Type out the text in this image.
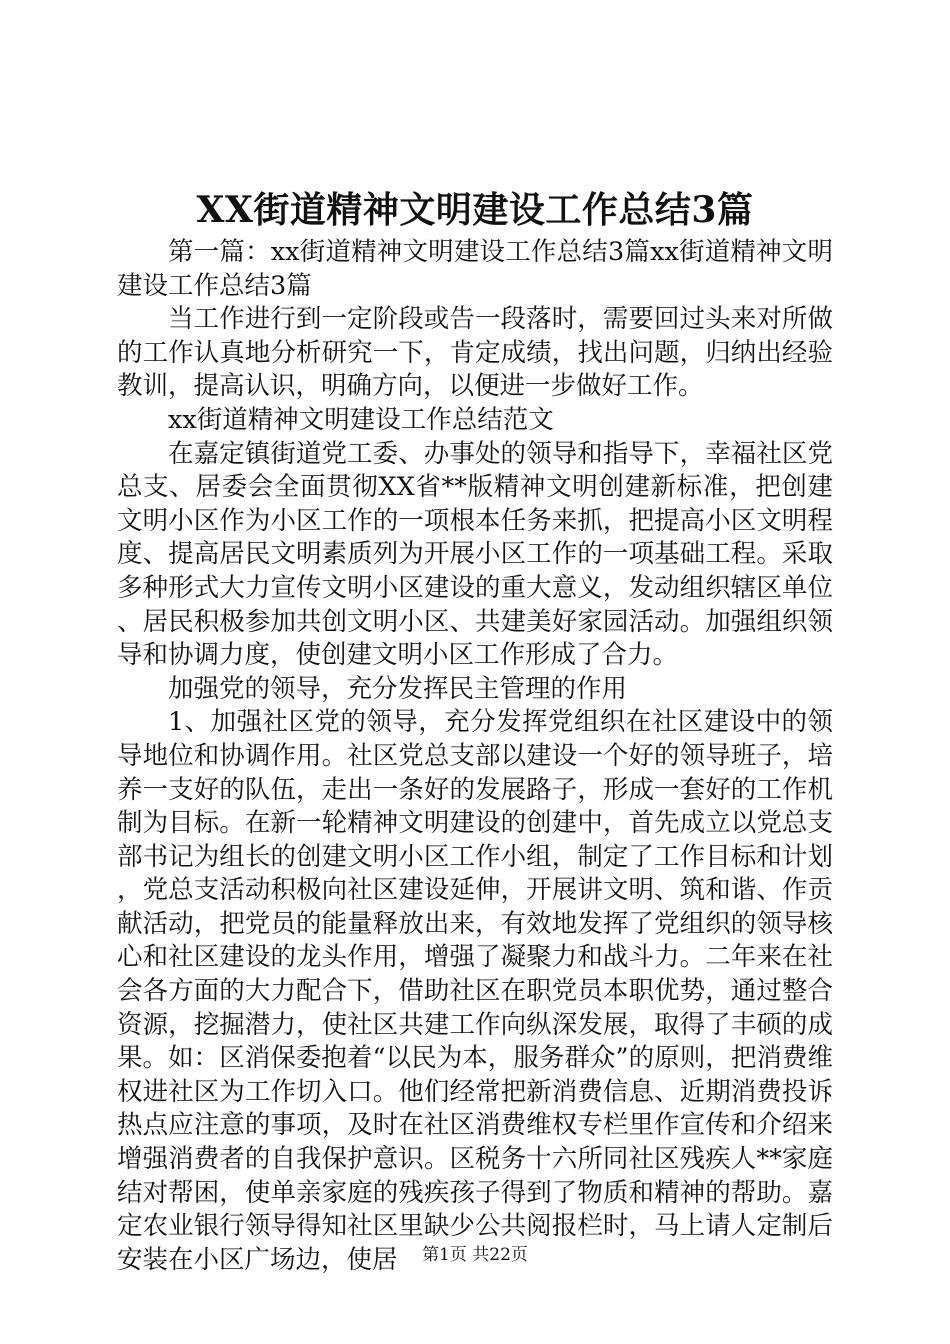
XX街道精神文明建设工作总结3篇

第一篇：xx街道精神文明建设工作总结3篇xx街道精神文明建设工作总结3篇

当工作进行到一定阶段或告一段落时，需要回过头来对所做的工作认真地分析研究一下，肯定成绩，找出问题，归纳出经验教训，提高认识，明确方向，以便进一步做好工作。

xx街道精神文明建设工作总结范文

在嘉定镇街道党工委、办事处的领导和指导下，幸福社区党总支、居委会全面贯彻XX省**版精神文明创建新标准，把创建文明小区作为小区工作的一项根本任务来抓，把提高小区文明程度、提高居民文明素质列为开展小区工作的一项基础工程。采取多种形式大力宣传文明小区建设的重大意义，发动组织辖区单位、居民积极参加共创文明小区、共建美好家园活动。加强组织领导和协调力度，使创建文明小区工作形成了合力。

加强党的领导，充分发挥民主管理的作用

1、加强社区党的领导，充分发挥党组织在社区建设中的领导地位和协调作用。社区党总支部以建设一个好的领导班子，培养一支好的队伍，走出一条好的发展路子，形成一套好的工作机制为目标。在新一轮精神文明建设的创建中，首先成立以党总支部书记为组长的创建文明小区工作小组，制定了工作目标和计划，党总支活动积极向社区建设延伸，开展讲文明、筑和谐、作贡献活动，把党员的能量释放出来，有效地发挥了党组织的领导核心和社区建设的龙头作用，增强了凝聚力和战斗力。二年来在社会各方面的大力配合下，借助社区在职党员本职优势，通过整合资源，挖掘潜力，使社区共建工作向纵深发展，取得了丰硕的成果。如：区消保委抱着“以民为本，服务群众”的原则，把消费维权进社区为工作切入口。他们经常把新消费信息、近期消费投诉热点应注意的事项，及时在社区消费维权专栏里作宣传和介绍来增强消费者的自我保护意识。区税务十六所同社区残疾人**家庭结对帮困，使单亲家庭的残疾孩子得到了物质和精神的帮助。嘉定农业银行领导得知社区里缺少公共阅报栏时，马上请人定制后安装在小区广场边，使居	第1页 共22页
